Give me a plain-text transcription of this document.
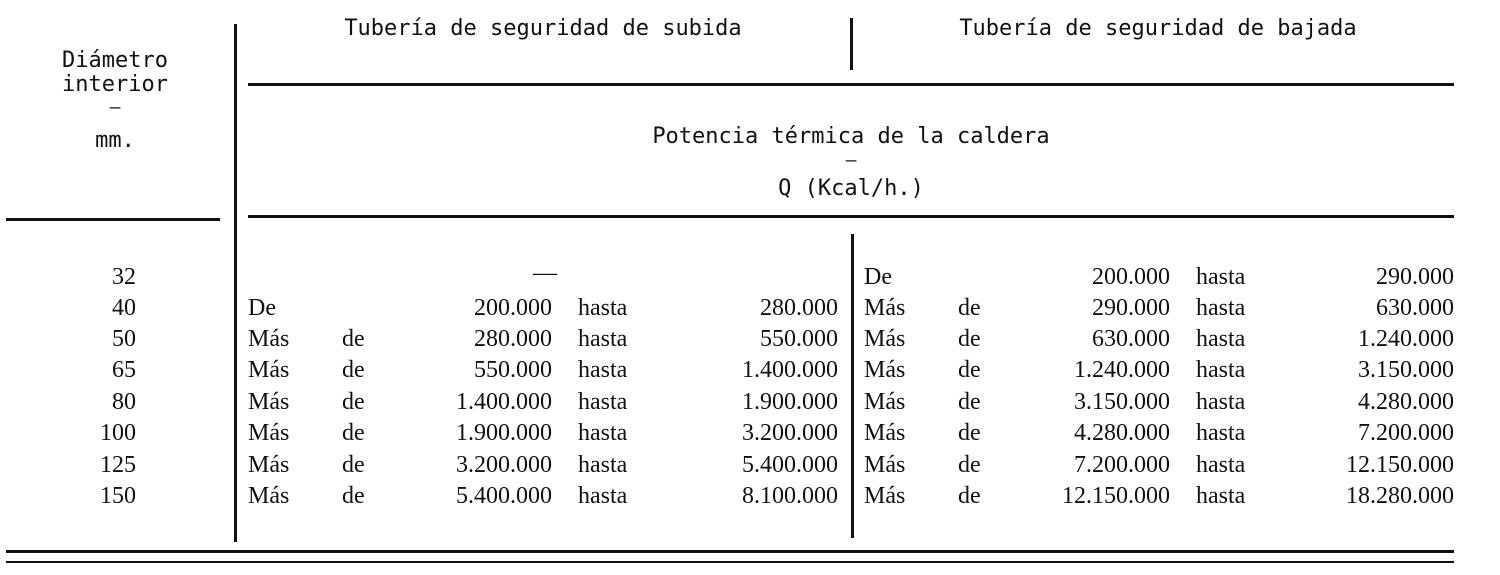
Diámetro
interior
—
mm.
Tubería de seguridad de subida	Tubería de seguridad de bajada
Potencia térmica de la caldera
—
Q (Kcal/h.)
32	—	De	200.000 hasta	290.000
40	De	200.000 hasta	280.000 Más de	290.000 hasta	630.000
50	Más de	280.000 hasta	550.000 Más de	630.000 hasta	1.240.000
65	Más de	550.000 hasta	1.400.000 Más de	1.240.000 hasta	3.150.000
80	Más de	1.400.000 hasta	1.900.000 Más de	3.150.000 hasta	4.280.000
100	Más de	1.900.000 hasta	3.200.000 Más de	4.280.000 hasta	7.200.000
125	Más de	3.200.000 hasta	5.400.000 Más de	7.200.000 hasta	12.150.000
150	Más de	5.400.000 hasta	8.100.000 Más de	12.150.000 hasta	18.280.000
